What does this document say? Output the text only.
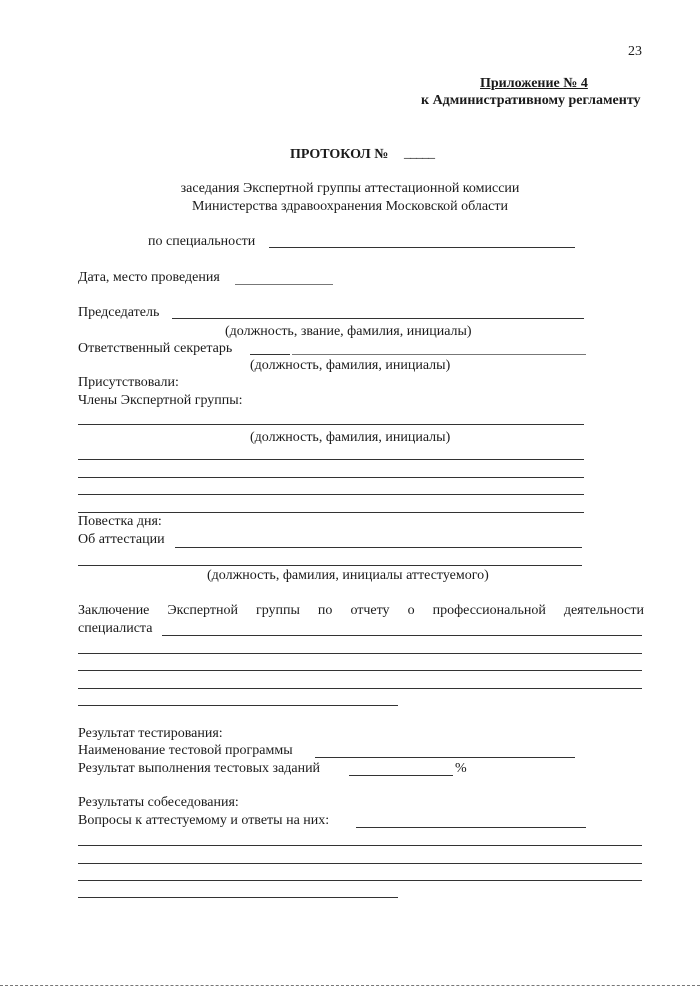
23
Приложение № 4
к Административному регламенту
ПРОТОКОЛ № _____
заседания Экспертной группы аттестационной комиссии
Министерства здравоохранения Московской области
по специальности
Дата, место проведения
Председатель
(должность, звание, фамилия, инициалы)
Ответственный секретарь
(должность, фамилия, инициалы)
Присутствовали:
Члены Экспертной группы:
(должность, фамилия, инициалы)
Повестка дня:
Об аттестации
(должность, фамилия, инициалы аттестуемого)
Заключение Экспертной группы по отчету о профессиональной деятельности
специалиста
Результат тестирования:
Наименование тестовой программы
Результат выполнения тестовых заданий	%
Результаты собеседования:
Вопросы к аттестуемому и ответы на них:
